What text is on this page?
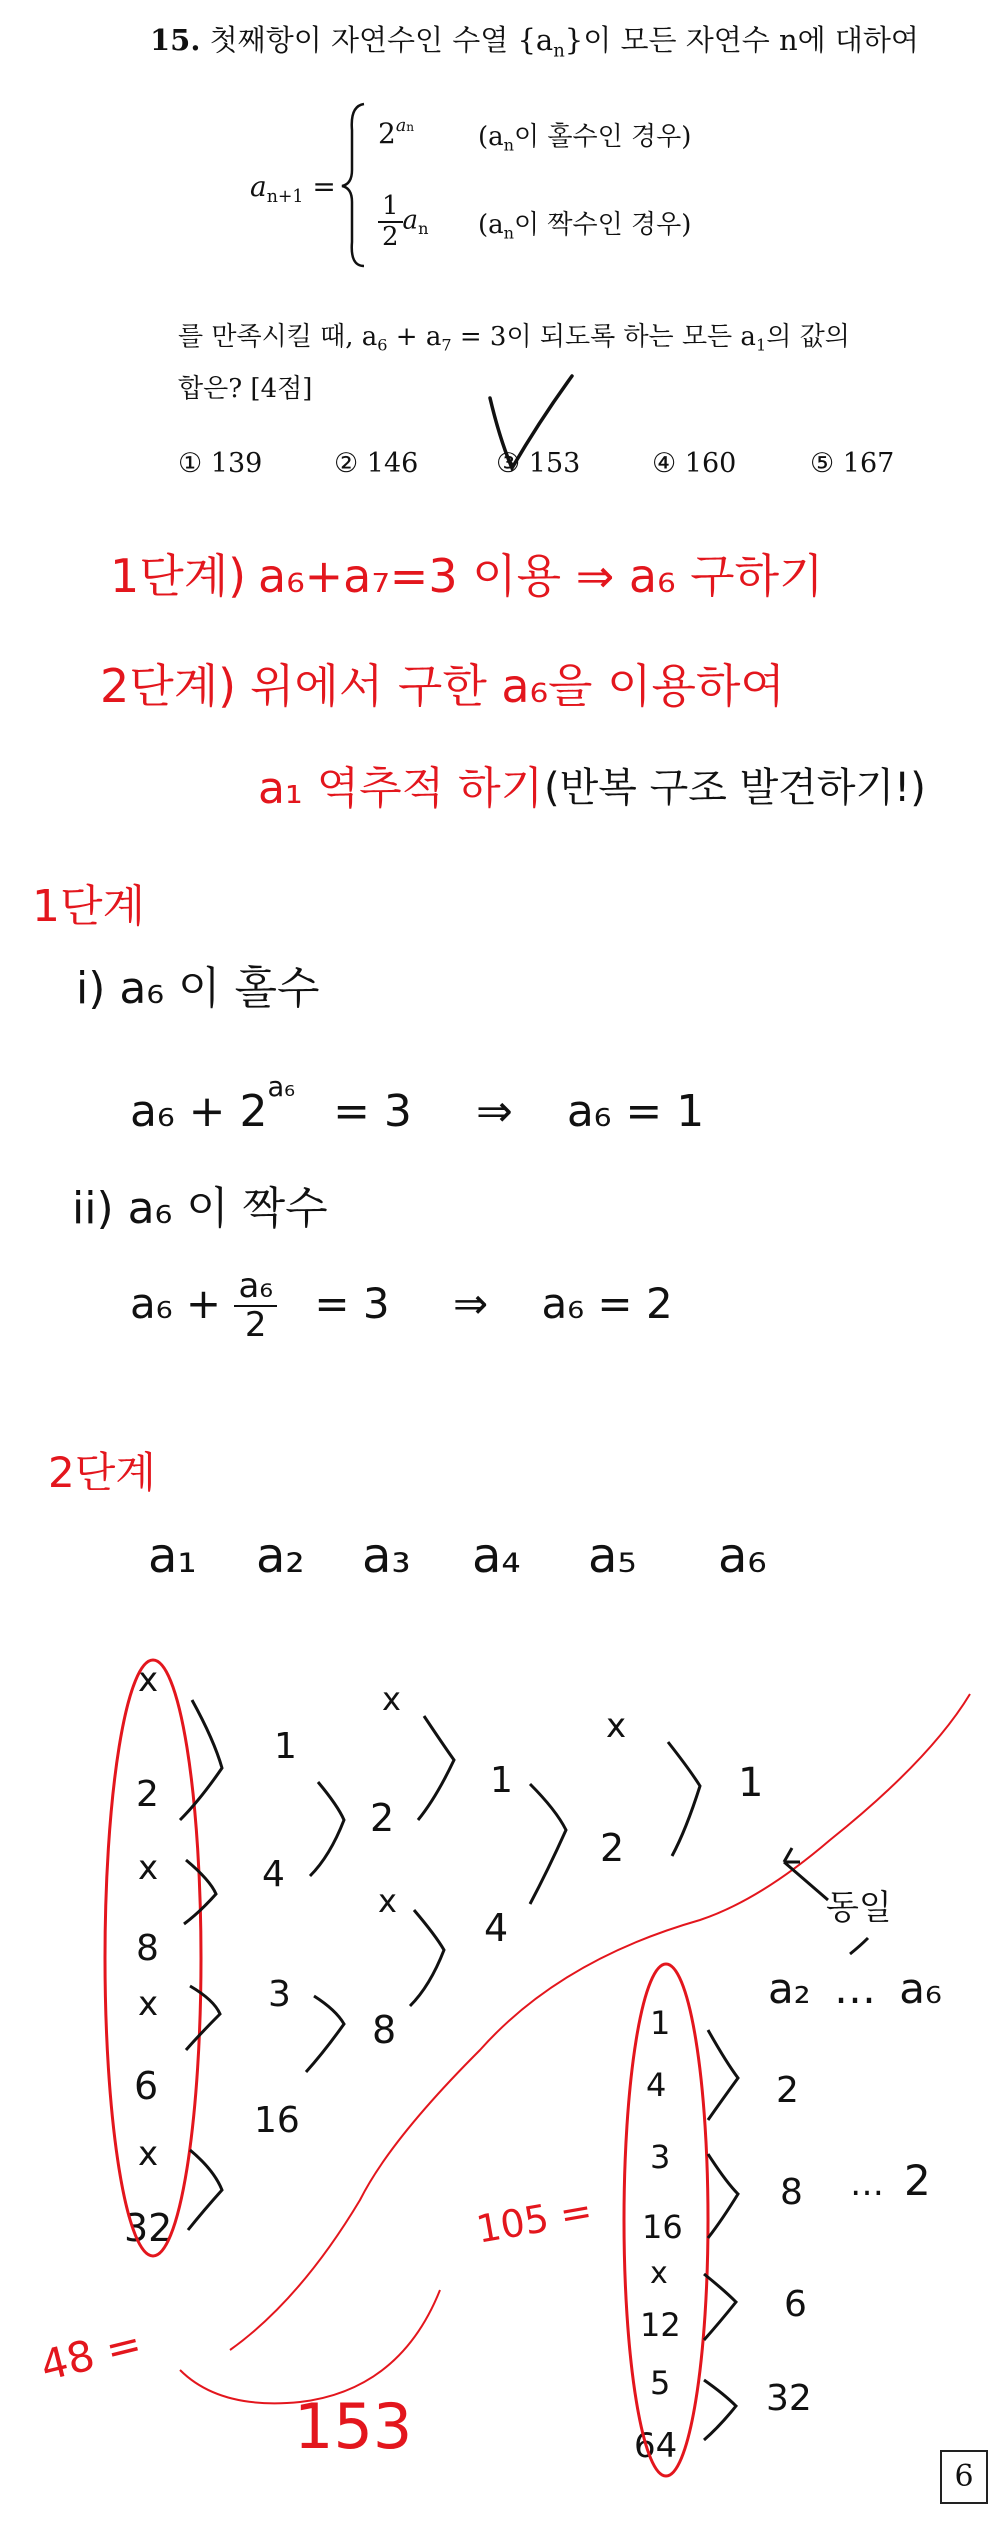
15. 첫째항이 자연수인 수열 $\{a_n\}$이 모든 자연수 n에 대하여
$a_{n+1}$ =
$2^{an}$ ($a_n$이 홀수인 경우)
$\frac{1}{2} a_n$ ($a_n$이 짝수인 경우)
를 만족시킬 때, $a_6 + a_7 = 3$이 되도록 하는 모든 $a_1$의 값의
합은? [4점]
① 139	② 146	③ 153	④ 160	⑤ 167
1단계) a₆+a₇=3 이용 ⇒ a₆ 구하기
2단계) 위에서 구한 a₆을 이용하여
a₁ 역추적 하기 (반복 구조 발견하기!)
1단계
i) a₆ 이 홀수
$a_6 + 2^{a_6} = 3$ ⇒ a₆ = 1
ii) a₆ 이 짝수
$a_6 + \frac{\text{a₆}}{2} = 3$ ⇒ a₆ = 2
2단계
a₁ a₂ a₃ a₄ a₅ a₆
x
2
x
8
x
6
x
32
1
4
3
16
x
2
x
8
1
4
x
2
1
동일
a₂ … a₆
1
4
3
16
x
12
5
64
2
8
6
32
… 2
48 =
105 =
153
6
